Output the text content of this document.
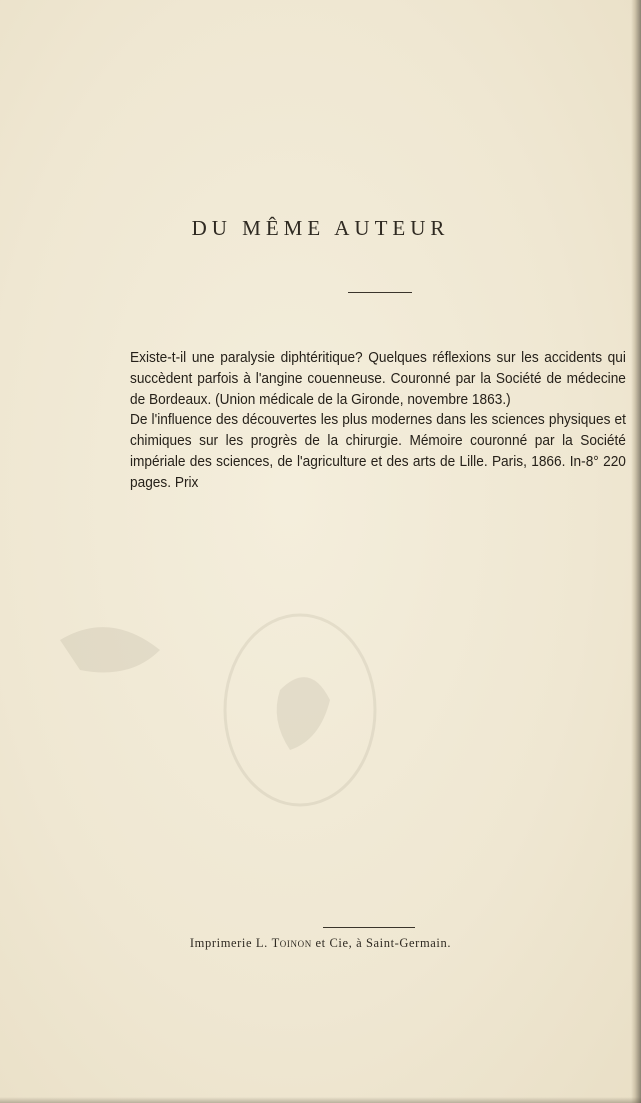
DU MÊME AUTEUR

Existe-t-il une paralysie diphtéritique? Quelques réflexions sur les accidents qui succèdent parfois à l'angine couenneuse. Couronné par la Société de médecine de Bordeaux. (Union médicale de la Gironde, novembre 1863.)

De l'influence des découvertes les plus modernes dans les sciences physiques et chimiques sur les progrès de la chirurgie. Mémoire couronné par la Société impériale des sciences, de l'agriculture et des arts de Lille. Paris, 1866. In-8° 220 pages. Prix

Imprimerie L. Toinon et Cie, à Saint-Germain.
